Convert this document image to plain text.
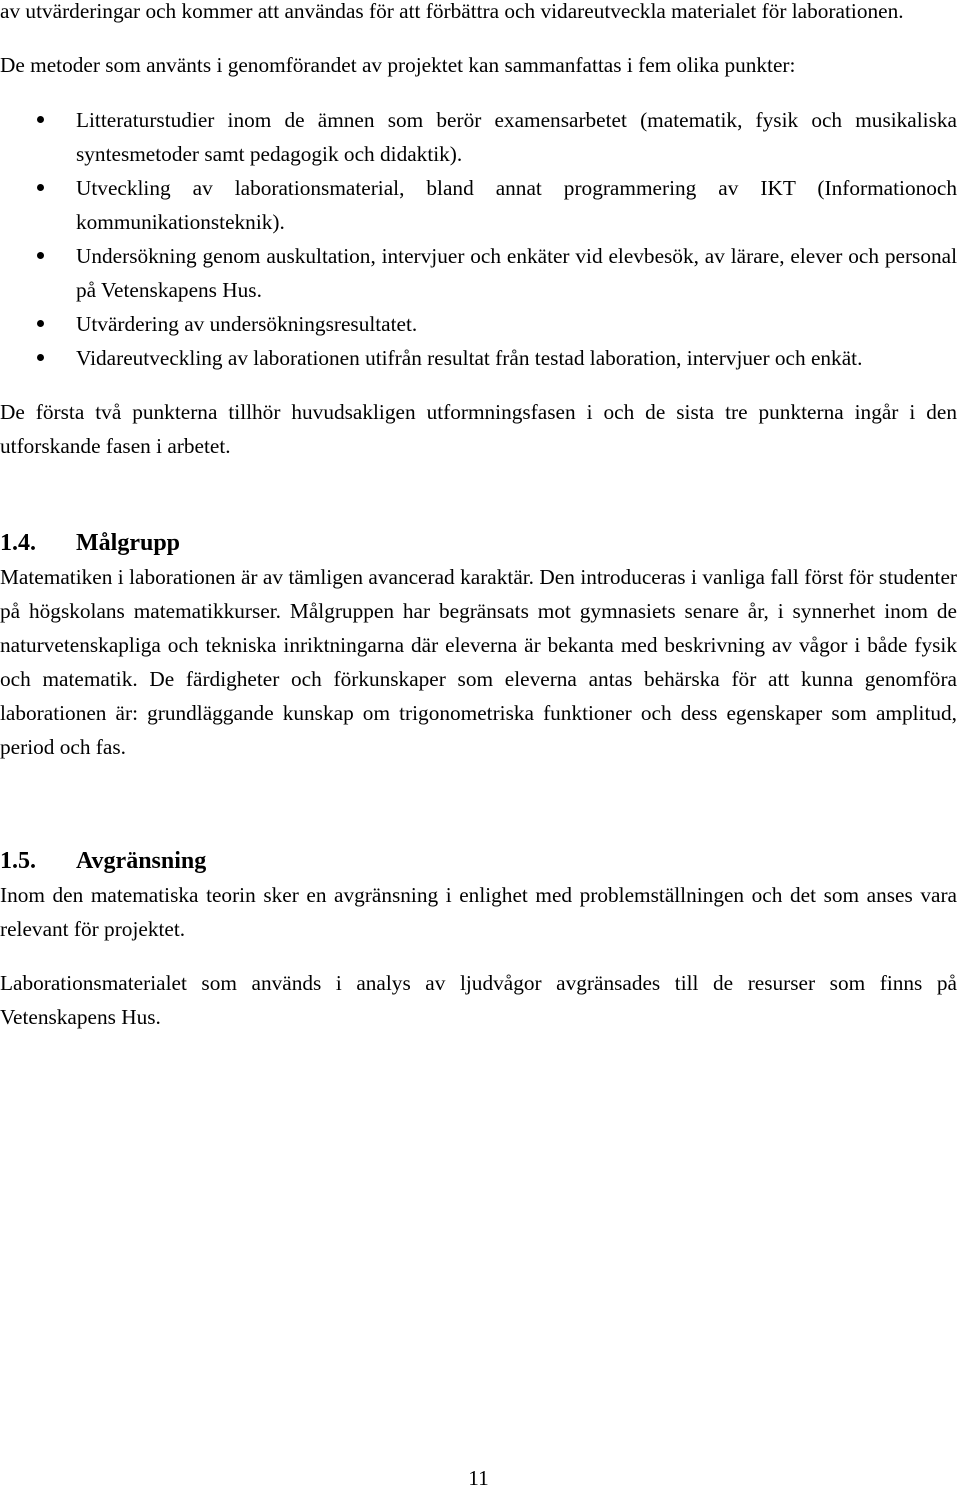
av utvärderingar och kommer att användas för att förbättra och vidareutveckla materialet för laborationen.

De metoder som använts i genomförandet av projektet kan sammanfattas i fem olika punkter:

Litteraturstudier inom de ämnen som berör examensarbetet (matematik, fysik och musikaliska syntesmetoder samt pedagogik och didaktik).
Utveckling av laborationsmaterial, bland annat programmering av IKT (Informationoch kommunikationsteknik).
Undersökning genom auskultation, intervjuer och enkäter vid elevbesök, av lärare, elever och personal på Vetenskapens Hus.
Utvärdering av undersökningsresultatet.
Vidareutveckling av laborationen utifrån resultat från testad laboration, intervjuer och enkät.

De första två punkterna tillhör huvudsakligen utformningsfasen i och de sista tre punkterna ingår i den utforskande fasen i arbetet.

1.4.	Målgrupp

Matematiken i laborationen är av tämligen avancerad karaktär. Den introduceras i vanliga fall först för studenter på högskolans matematikkurser. Målgruppen har begränsats mot gymnasiets senare år, i synnerhet inom de naturvetenskapliga och tekniska inriktningarna där eleverna är bekanta med beskrivning av vågor i både fysik och matematik. De färdigheter och förkunskaper som eleverna antas behärska för att kunna genomföra laborationen är: grundläggande kunskap om trigonometriska funktioner och dess egenskaper som amplitud, period och fas.

1.5.	Avgränsning

Inom den matematiska teorin sker en avgränsning i enlighet med problemställningen och det som anses vara relevant för projektet.

Laborationsmaterialet som används i analys av ljudvågor avgränsades till de resurser som finns på Vetenskapens Hus.

11
